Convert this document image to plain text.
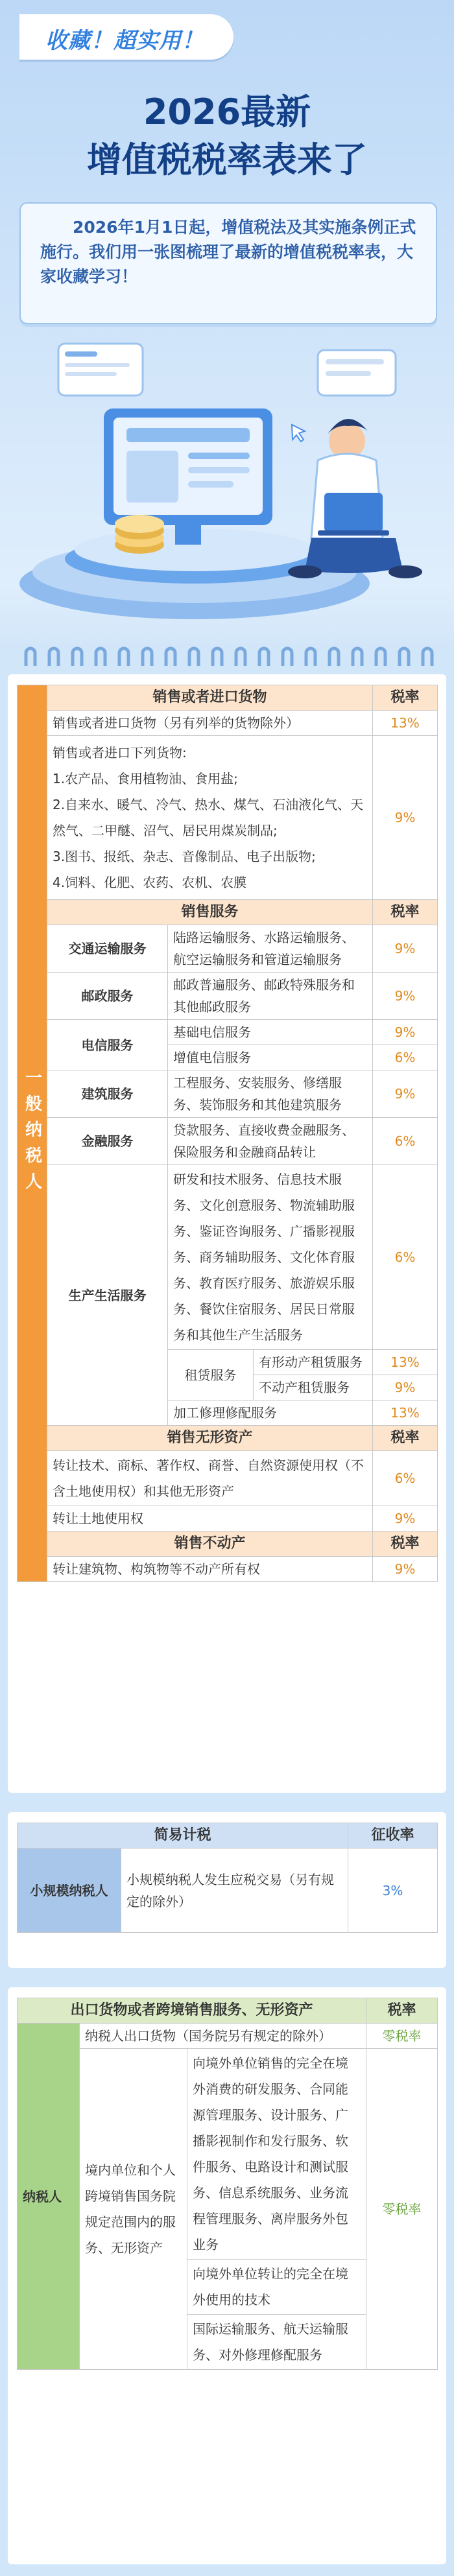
收藏！超实用！
2026最新
增值税税率表来了

2026年1月1日起，增值税法及其实施条例正式施行。我们用一张图梳理了最新的增值税税率表，大家收藏学习！

一般纳税人	销售或者进口货物			税率
	销售或者进口货物（另有列举的货物除外）			13%

	销售或者进口下列货物:
1.农产品、食用植物油、食用盐;
2.自来水、暖气、冷气、热水、煤气、石油液化气、天然气、二甲醚、沼气、居民用煤炭制品;
3.图书、报纸、杂志、音像制品、电子出版物;
4.饲料、化肥、农药、农机、农膜			9%
	销售服务			税率
	交通运输服务	陆路运输服务、水路运输服务、航空运输服务和管道运输服务		9%
	邮政服务	邮政普遍服务、邮政特殊服务和其他邮政服务		9%
	电信服务	基础电信服务		9%
		增值电信服务		6%
	建筑服务	工程服务、安装服务、修缮服务、装饰服务和其他建筑服务		9%
	金融服务	贷款服务、直接收费金融服务、保险服务和金融商品转让		6%
	生产生活服务	研发和技术服务、信息技术服务、文化创意服务、物流辅助服务、鉴证咨询服务、广播影视服务、商务辅助服务、文化体育服务、教育医疗服务、旅游娱乐服务、餐饮住宿服务、居民日常服务和其他生产生活服务		6%
		租赁服务	有形动产租赁服务	13%
			不动产租赁服务	9%
		加工修理修配服务		13%
	销售无形资产			税率
	转让技术、商标、著作权、商誉、自然资源使用权（不含土地使用权）和其他无形资产			6%
	转让土地使用权			9%
	销售不动产			税率
	转让建筑物、构筑物等不动产所有权			9%
简易计税		征收率
小规模纳税人	小规模纳税人发生应税交易（另有规定的除外）	3%
出口货物或者跨境销售服务、无形资产			税率
纳税人	纳税人出口货物（国务院另有规定的除外）		零税率
	境内单位和个人跨境销售国务院规定范围内的服务、无形资产	向境外单位销售的完全在境外消费的研发服务、合同能源管理服务、设计服务、广播影视制作和发行服务、软件服务、电路设计和测试服务、信息系统服务、业务流程管理服务、离岸服务外包业务	零税率
		向境外单位转让的完全在境外使用的技术	
		国际运输服务、航天运输服务、对外修理修配服务	
